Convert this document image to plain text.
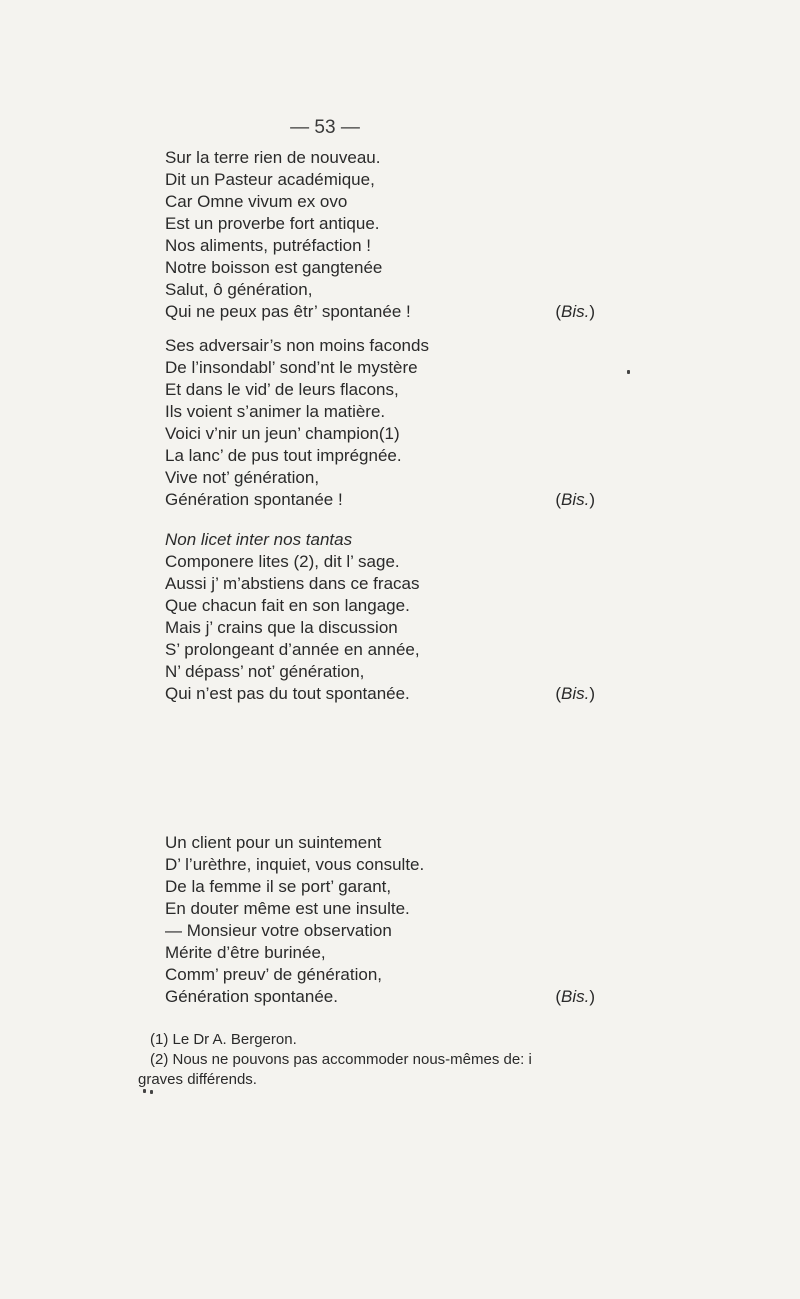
— 53 —
Sur la terre rien de nouveau.
Dit un Pasteur académique,
Car Omne vivum ex ovo
Est un proverbe fort antique.
Nos aliments, putréfaction !
Notre boisson est gangtenée
Salut, ô génération,
Qui ne peux pas êtr’ spontanée !	(Bis.)
Ses adversair’s non moins faconds
De l’insondabl’ sond’nt le mystère
Et dans le vid’ de leurs flacons,
Ils voient s’animer la matière.
Voici v’nir un jeun’ champion(1)
La lanc’ de pus tout imprégnée.
Vive not’ génération,
Génération spontanée !	(Bis.)
Non licet inter nos tantas
Componere lites (2), dit l’ sage.
Aussi j’ m’abstiens dans ce fracas
Que chacun fait en son langage.
Mais j’ crains que la discussion
S’ prolongeant d’année en année,
N’ dépass’ not’ génération,
Qui n’est pas du tout spontanée.	(Bis.)
Un client pour un suintement
D’ l’urèthre, inquiet, vous consulte.
De la femme il se port’ garant,
En douter même est une insulte.
— Monsieur votre observation
Mérite d’être burinée,
Comm’ preuv’ de génération,
Génération spontanée.	(Bis.)
(1) Le Dr A. Bergeron.
(2) Nous ne pouvons pas accommoder nous-mêmes de: i
graves différends.
